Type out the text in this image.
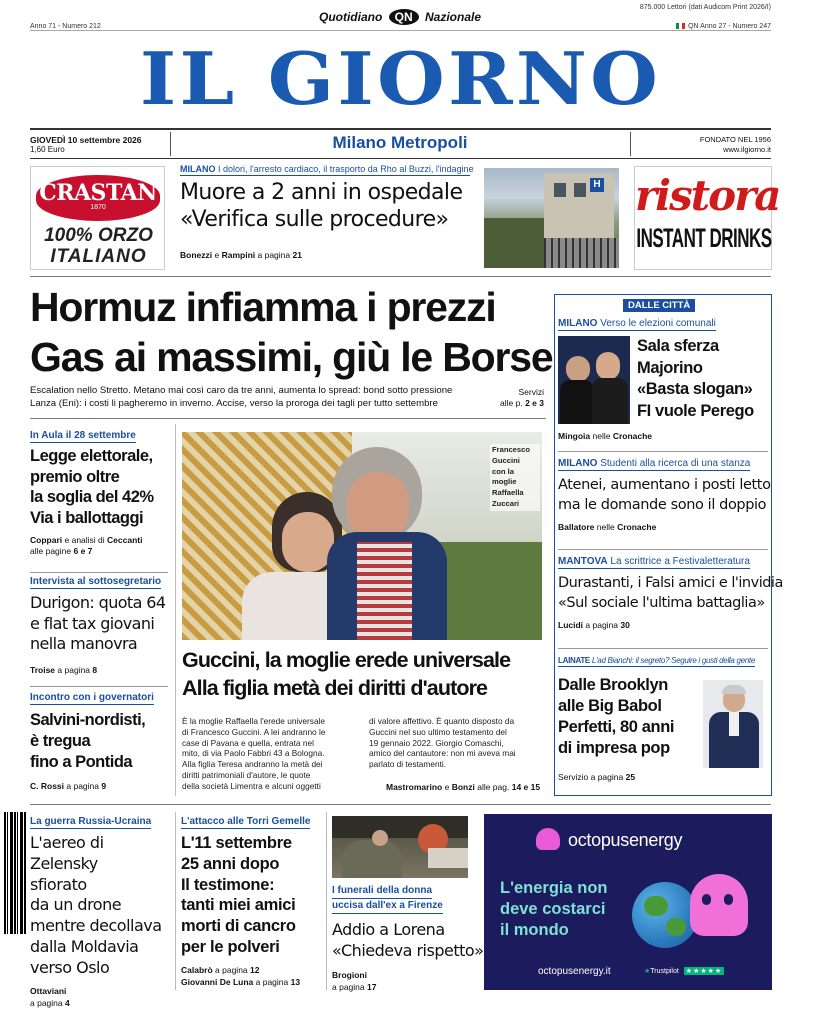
Quotidiano QN Nazionale
875.000 Lettori (dati Audicom Print 2026/I)
Anno 71 - Numero 212	QN Anno 27 - Numero 247
IL GIORNO
GIOVEDÌ 10 settembre 2026
1,60 Euro	Milano Metropoli	FONDATO NEL 1956
www.ilgiorno.it
CRASTAN
1870
100% ORZO
ITALIANO
MILANO I dolori, l'arresto cardiaco, il trasporto da Rho al Buzzi, l'indagine
Muore a 2 anni in ospedale
«Verifica sulle procedure»
Bonezzi e Rampini a pagina 21
H ristora
INSTANT DRINKS
Hormuz infiamma i prezzi
Gas ai massimi, giù le Borse
Escalation nello Stretto. Metano mai così caro da tre anni, aumenta lo spread: bond sotto pressione
Lanza (Eni): i costi li pagheremo in inverno. Accise, verso la proroga dei tagli per tutto settembre
Servizi
alle p. 2 e 3
In Aula il 28 settembre
Legge elettorale,
premio oltre
la soglia del 42%
Via i ballottaggi
Coppari e analisi di Ceccanti
alle pagine 6 e 7
Intervista al sottosegretario
Durigon: quota 64
e flat tax giovani
nella manovra
Troise a pagina 8
Incontro con i governatori
Salvini-nordisti,
è tregua
fino a Pontida
C. Rossi a pagina 9
Francesco
Guccini
con la
moglie
Raffaella
Zuccari
Guccini, la moglie erede universale
Alla figlia metà dei diritti d'autore
È la moglie Raffaella l'erede universale
di Francesco Guccini. A lei andranno le
case di Pavana e quella, entrata nel
mito, di via Paolo Fabbri 43 a Bologna.
Alla figlia Teresa andranno la metà dei
diritti patrimoniali d'autore, le quote
della società Limentra e alcuni oggetti
di valore affettivo. È quanto disposto da
Guccini nel suo ultimo testamento del
19 gennaio 2022. Giorgio Comaschi,
amico del cantautore: non mi aveva mai
parlato di testamenti.
Mastromarino e Bonzi alle pag. 14 e 15
DALLE CITTÀ
MILANO Verso le elezioni comunali
Sala sferza
Majorino
«Basta slogan»
FI vuole Perego
Mingoia nelle Cronache
MILANO Studenti alla ricerca di una stanza
Atenei, aumentano i posti letto
ma le domande sono il doppio
Ballatore nelle Cronache
MANTOVA La scrittrice a Festivaletteratura
Durastanti, i Falsi amici e l'invidia
«Sul sociale l'ultima battaglia»
Lucidi a pagina 30
LAINATE L'ad Bianchi: il segreto? Seguire i gusti della gente
Dalle Brooklyn
alle Big Babol
Perfetti, 80 anni
di impresa pop
Servizio a pagina 25
La guerra Russia-Ucraina
L'aereo di Zelensky
sfiorato
da un drone
mentre decollava
dalla Moldavia
verso Oslo
Ottaviani
a pagina 4
L'attacco alle Torri Gemelle
L'11 settembre
25 anni dopo
Il testimone:
tanti miei amici
morti di cancro
per le polveri
Calabrò a pagina 12
Giovanni De Luna a pagina 13
I funerali della donna
uccisa dall'ex a Firenze
Addio a Lorena
«Chiedeva rispetto»
Brogioni
a pagina 17
octopusenergy
L'energia non
deve costarci
il mondo
octopusenergy.it	★Trustpilot ★★★★★
